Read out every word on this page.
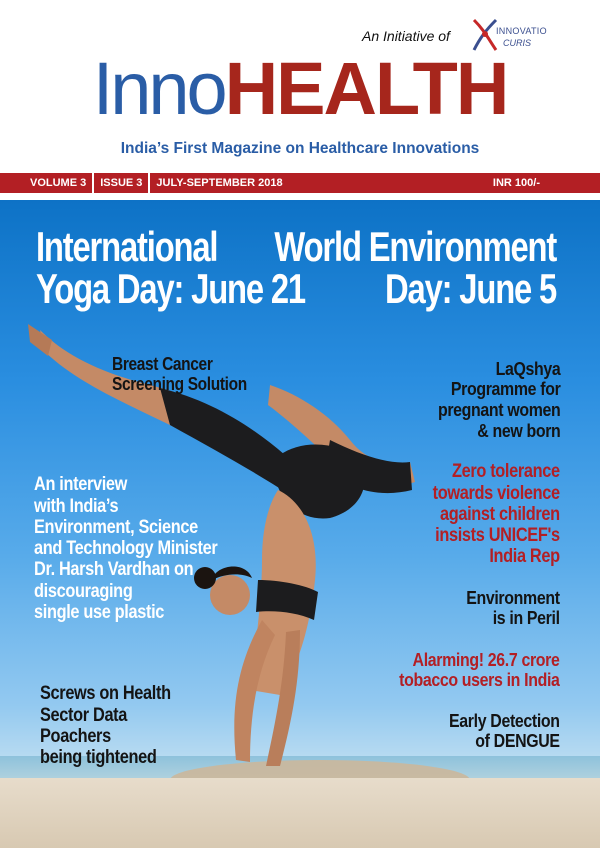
An Initiative of	INNOVATIO
CURIS
InnoHEALTH
India’s First Magazine on Healthcare Innovations
VOLUME 3	ISSUE 3	JULY-SEPTEMBER 2018	INR 100/-
International
Yoga Day: June 21
World Environment
Day: June 5

Breast Cancer
Screening Solution

An interview
with India’s
Environment, Science
and Technology Minister
Dr. Harsh Vardhan on
discouraging
single use plastic

Screws on Health
Sector Data
Poachers
being tightened

LaQshya
Programme for
pregnant women
& new born

Zero tolerance
towards violence
against children
insists UNICEF's
India Rep

Environment
is in Peril

Alarming! 26.7 crore
tobacco users in India

Early Detection
of DENGUE
